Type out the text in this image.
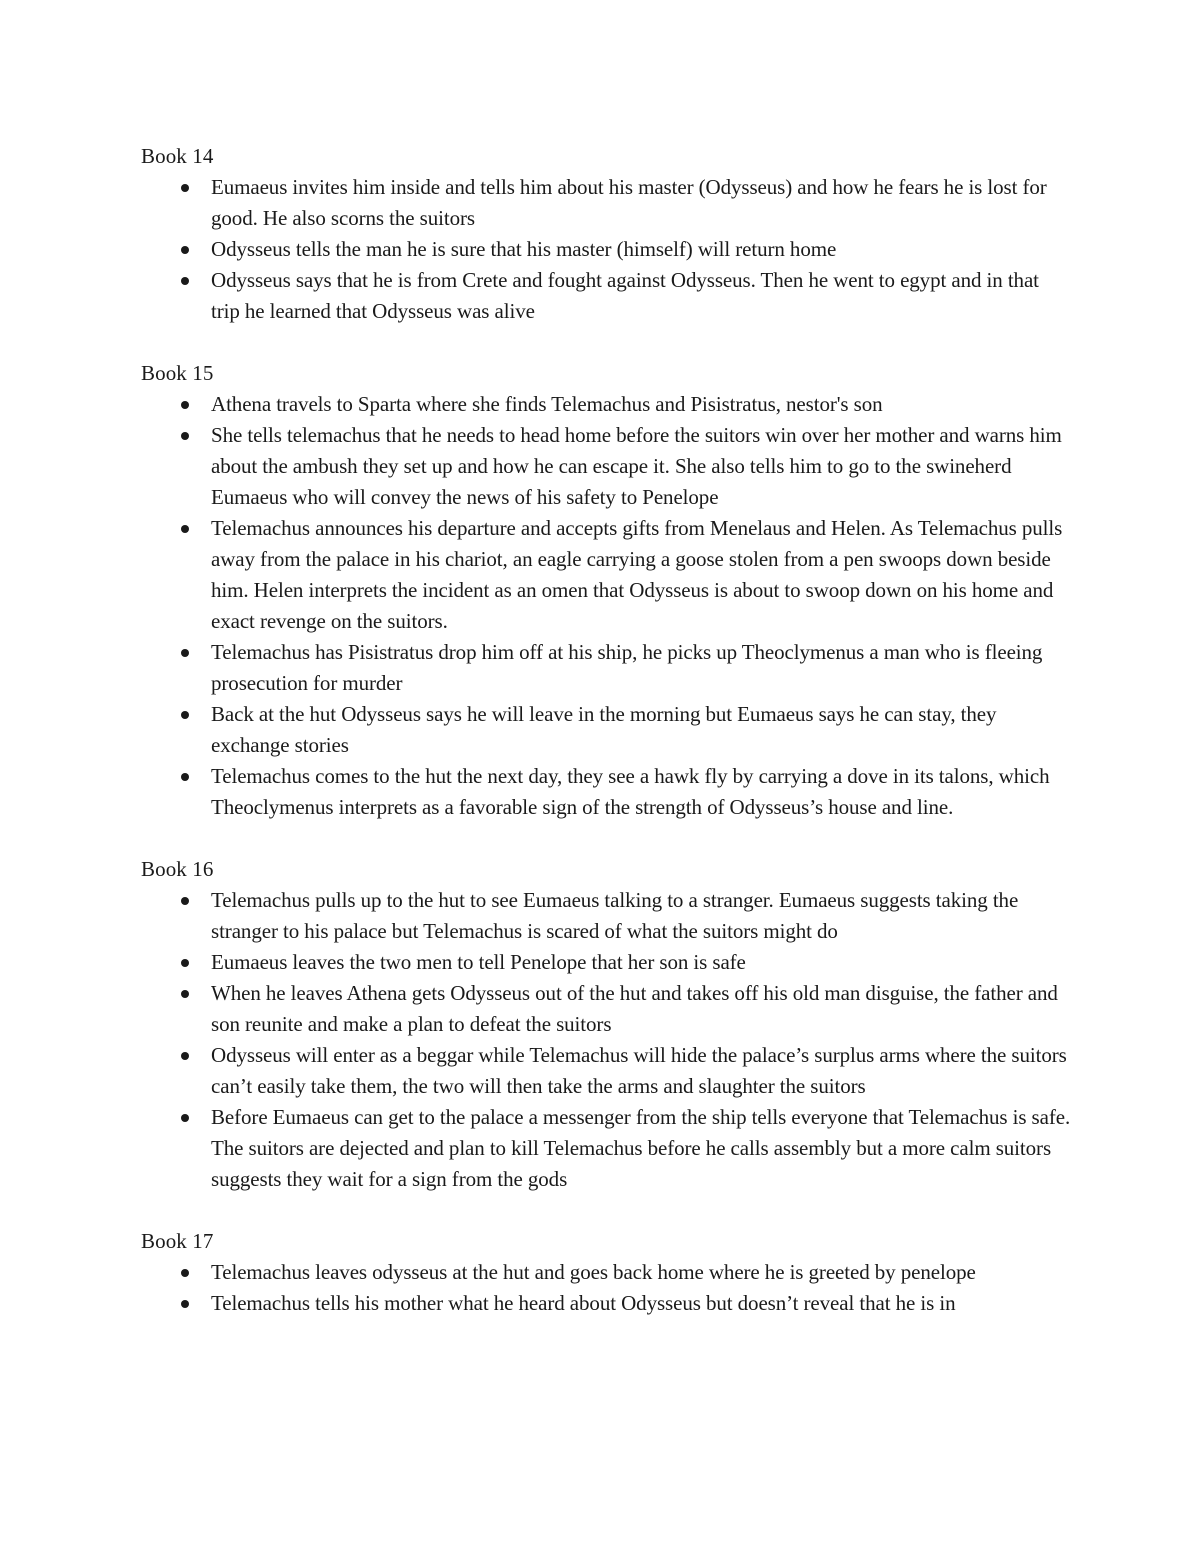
Book 14
Eumaeus invites him inside and tells him about his master (Odysseus) and how he fears he is lost for good. He also scorns the suitors
Odysseus tells the man he is sure that his master (himself) will return home
Odysseus says that he is from Crete and fought against Odysseus. Then he went to egypt and in that trip he learned that Odysseus was alive
Book 15
Athena travels to Sparta where she finds Telemachus and Pisistratus, nestor's son
She tells telemachus that he needs to head home before the suitors win over her mother and warns him about the ambush they set up and how he can escape it. She also tells him to go to the swineherd Eumaeus who will convey the news of his safety to Penelope
Telemachus announces his departure and accepts gifts from Menelaus and Helen. As Telemachus pulls away from the palace in his chariot, an eagle carrying a goose stolen from a pen swoops down beside him. Helen interprets the incident as an omen that Odysseus is about to swoop down on his home and exact revenge on the suitors.
Telemachus has Pisistratus drop him off at his ship, he picks up Theoclymenus a man who is fleeing prosecution for murder
Back at the hut Odysseus says he will leave in the morning but Eumaeus says he can stay, they exchange stories
Telemachus comes to the hut the next day, they see a hawk fly by carrying a dove in its talons, which Theoclymenus interprets as a favorable sign of the strength of Odysseus’s house and line.
Book 16
Telemachus pulls up to the hut to see Eumaeus talking to a stranger. Eumaeus suggests taking the stranger to his palace but Telemachus is scared of what the suitors might do
Eumaeus leaves the two men to tell Penelope that her son is safe
When he leaves Athena gets Odysseus out of the hut and takes off his old man disguise, the father and son reunite and make a plan to defeat the suitors
Odysseus will enter as a beggar while Telemachus will hide the palace’s surplus arms where the suitors can’t easily take them, the two will then take the arms and slaughter the suitors
Before Eumaeus can get to the palace a messenger from the ship tells everyone that Telemachus is safe. The suitors are dejected and plan to kill Telemachus before he calls assembly but a more calm suitors suggests they wait for a sign from the gods
Book 17
Telemachus leaves odysseus at the hut and goes back home where he is greeted by penelope
Telemachus tells his mother what he heard about Odysseus but doesn’t reveal that he is in
